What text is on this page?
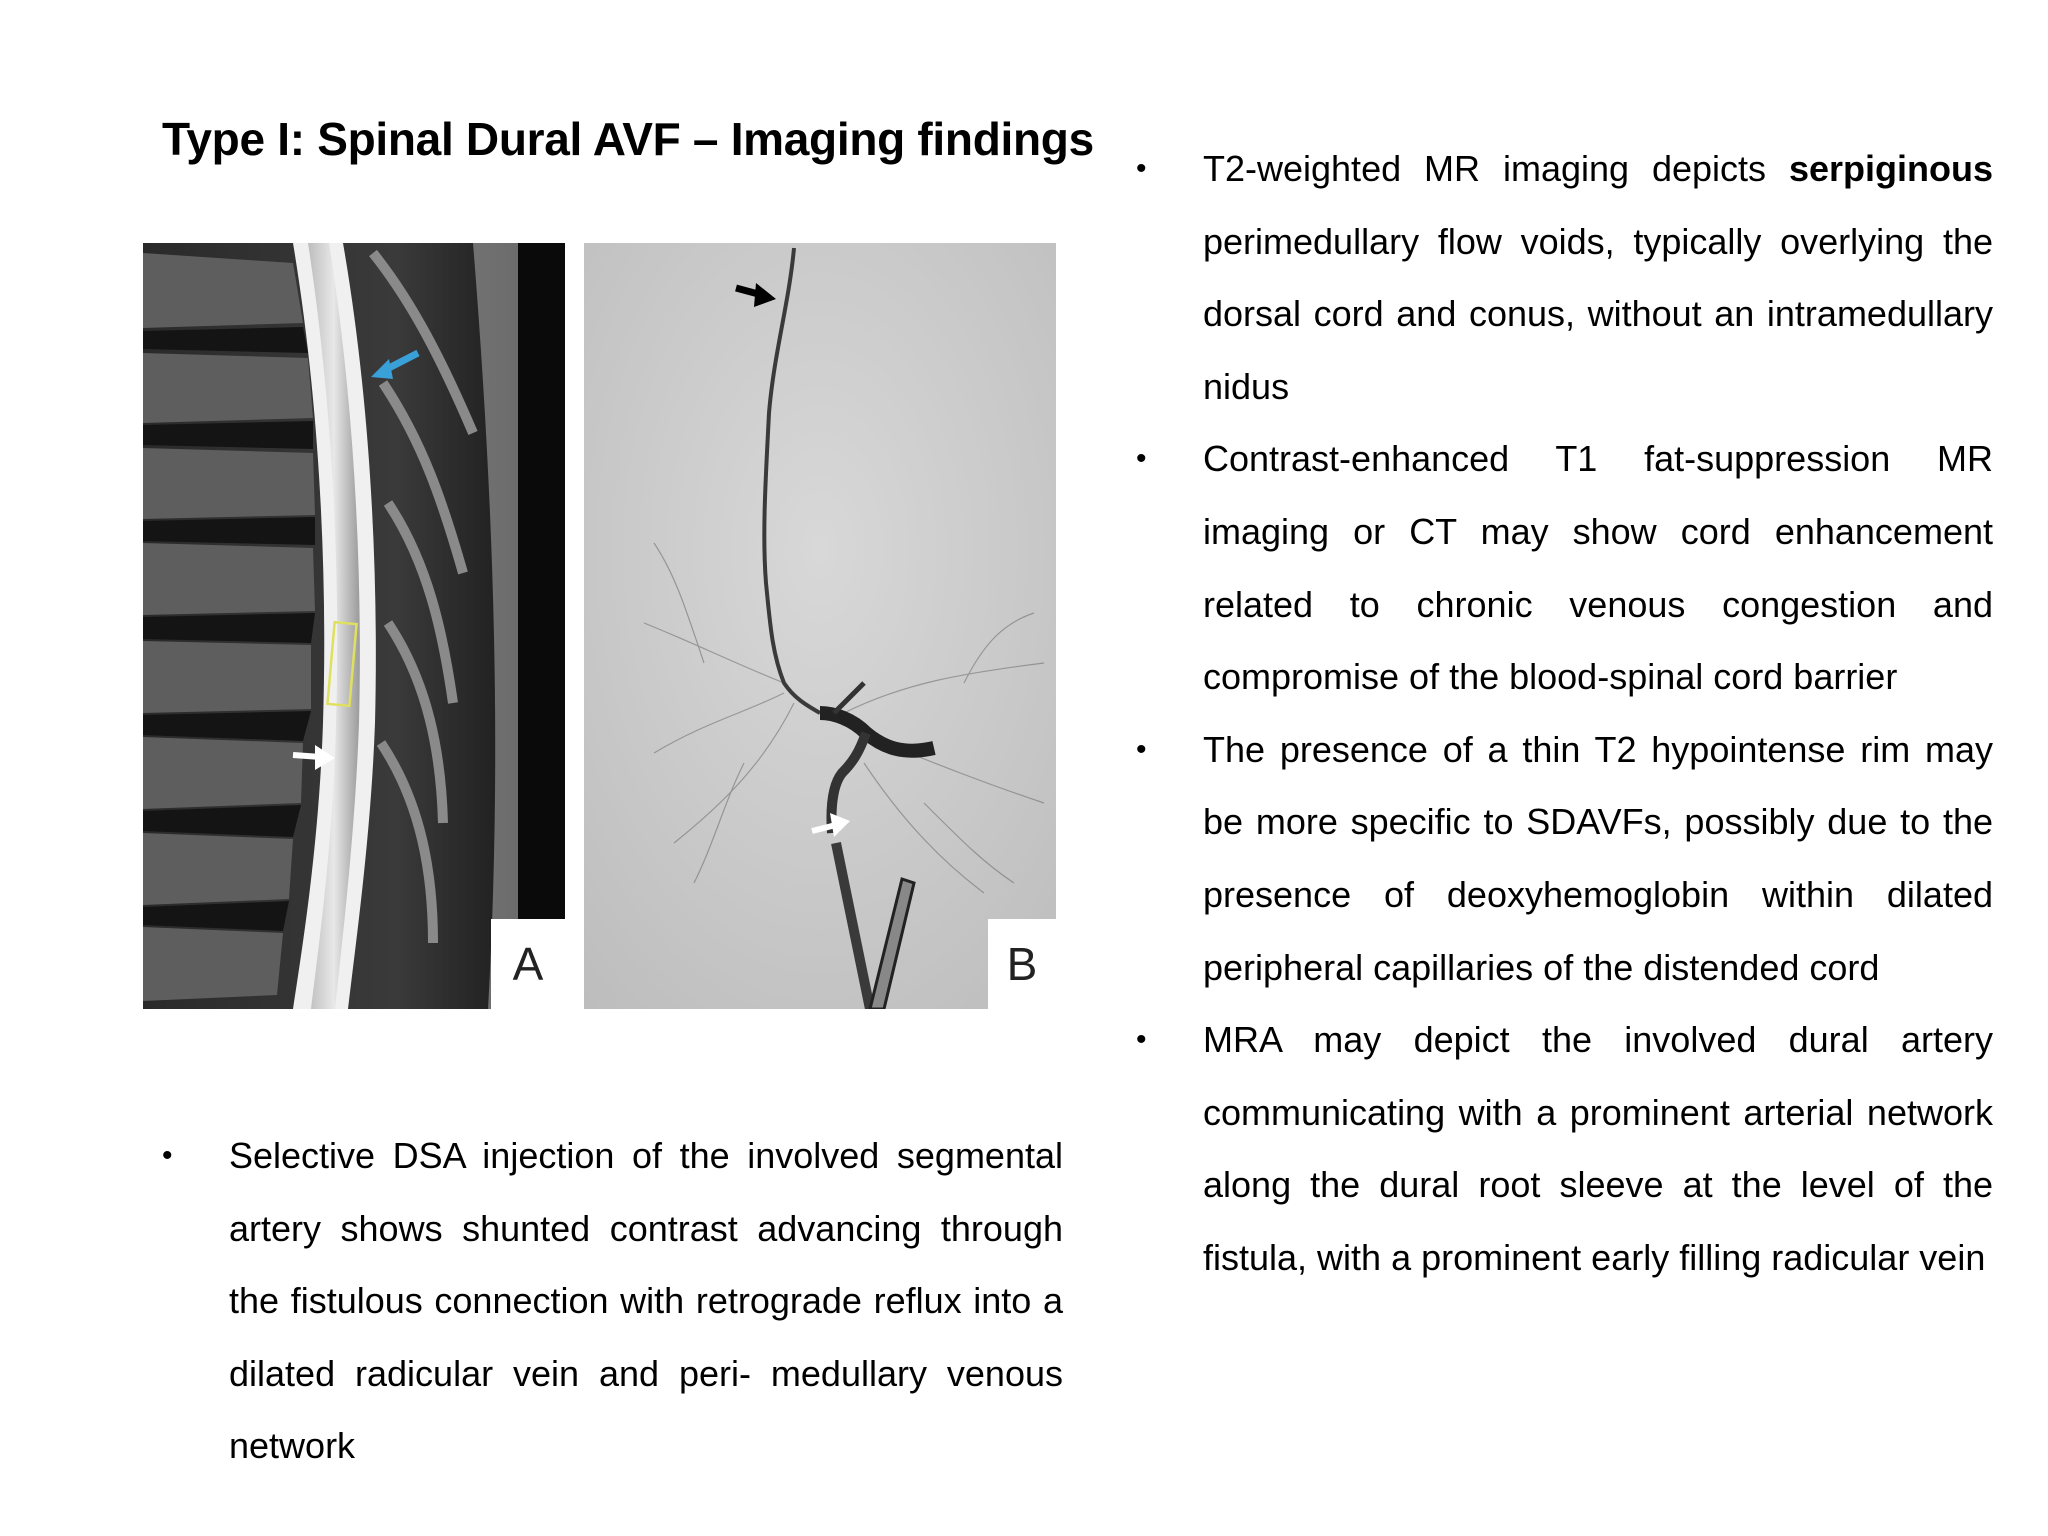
Type I: Spinal Dural AVF – Imaging findings
A	B
• T2-weighted MR imaging depicts serpiginous perimedullary flow voids, typically overlying the dorsal cord and conus, without an intramedullary nidus
• Contrast-enhanced T1 fat-suppression MR imaging or CT may show cord enhancement related to chronic venous congestion and compromise of the blood-spinal cord barrier
• The presence of a thin T2 hypointense rim may be more specific to SDAVFs, possibly due to the presence of deoxyhemoglobin within dilated peripheral capillaries of the distended cord
• MRA may depict the involved dural artery communicating with a prominent arterial network along the dural root sleeve at the level of the fistula, with a prominent early filling radicular vein
• Selective DSA injection of the involved segmental artery shows shunted contrast advancing through the fistulous connection with retrograde reflux into a dilated radicular vein and peri- medullary venous network
